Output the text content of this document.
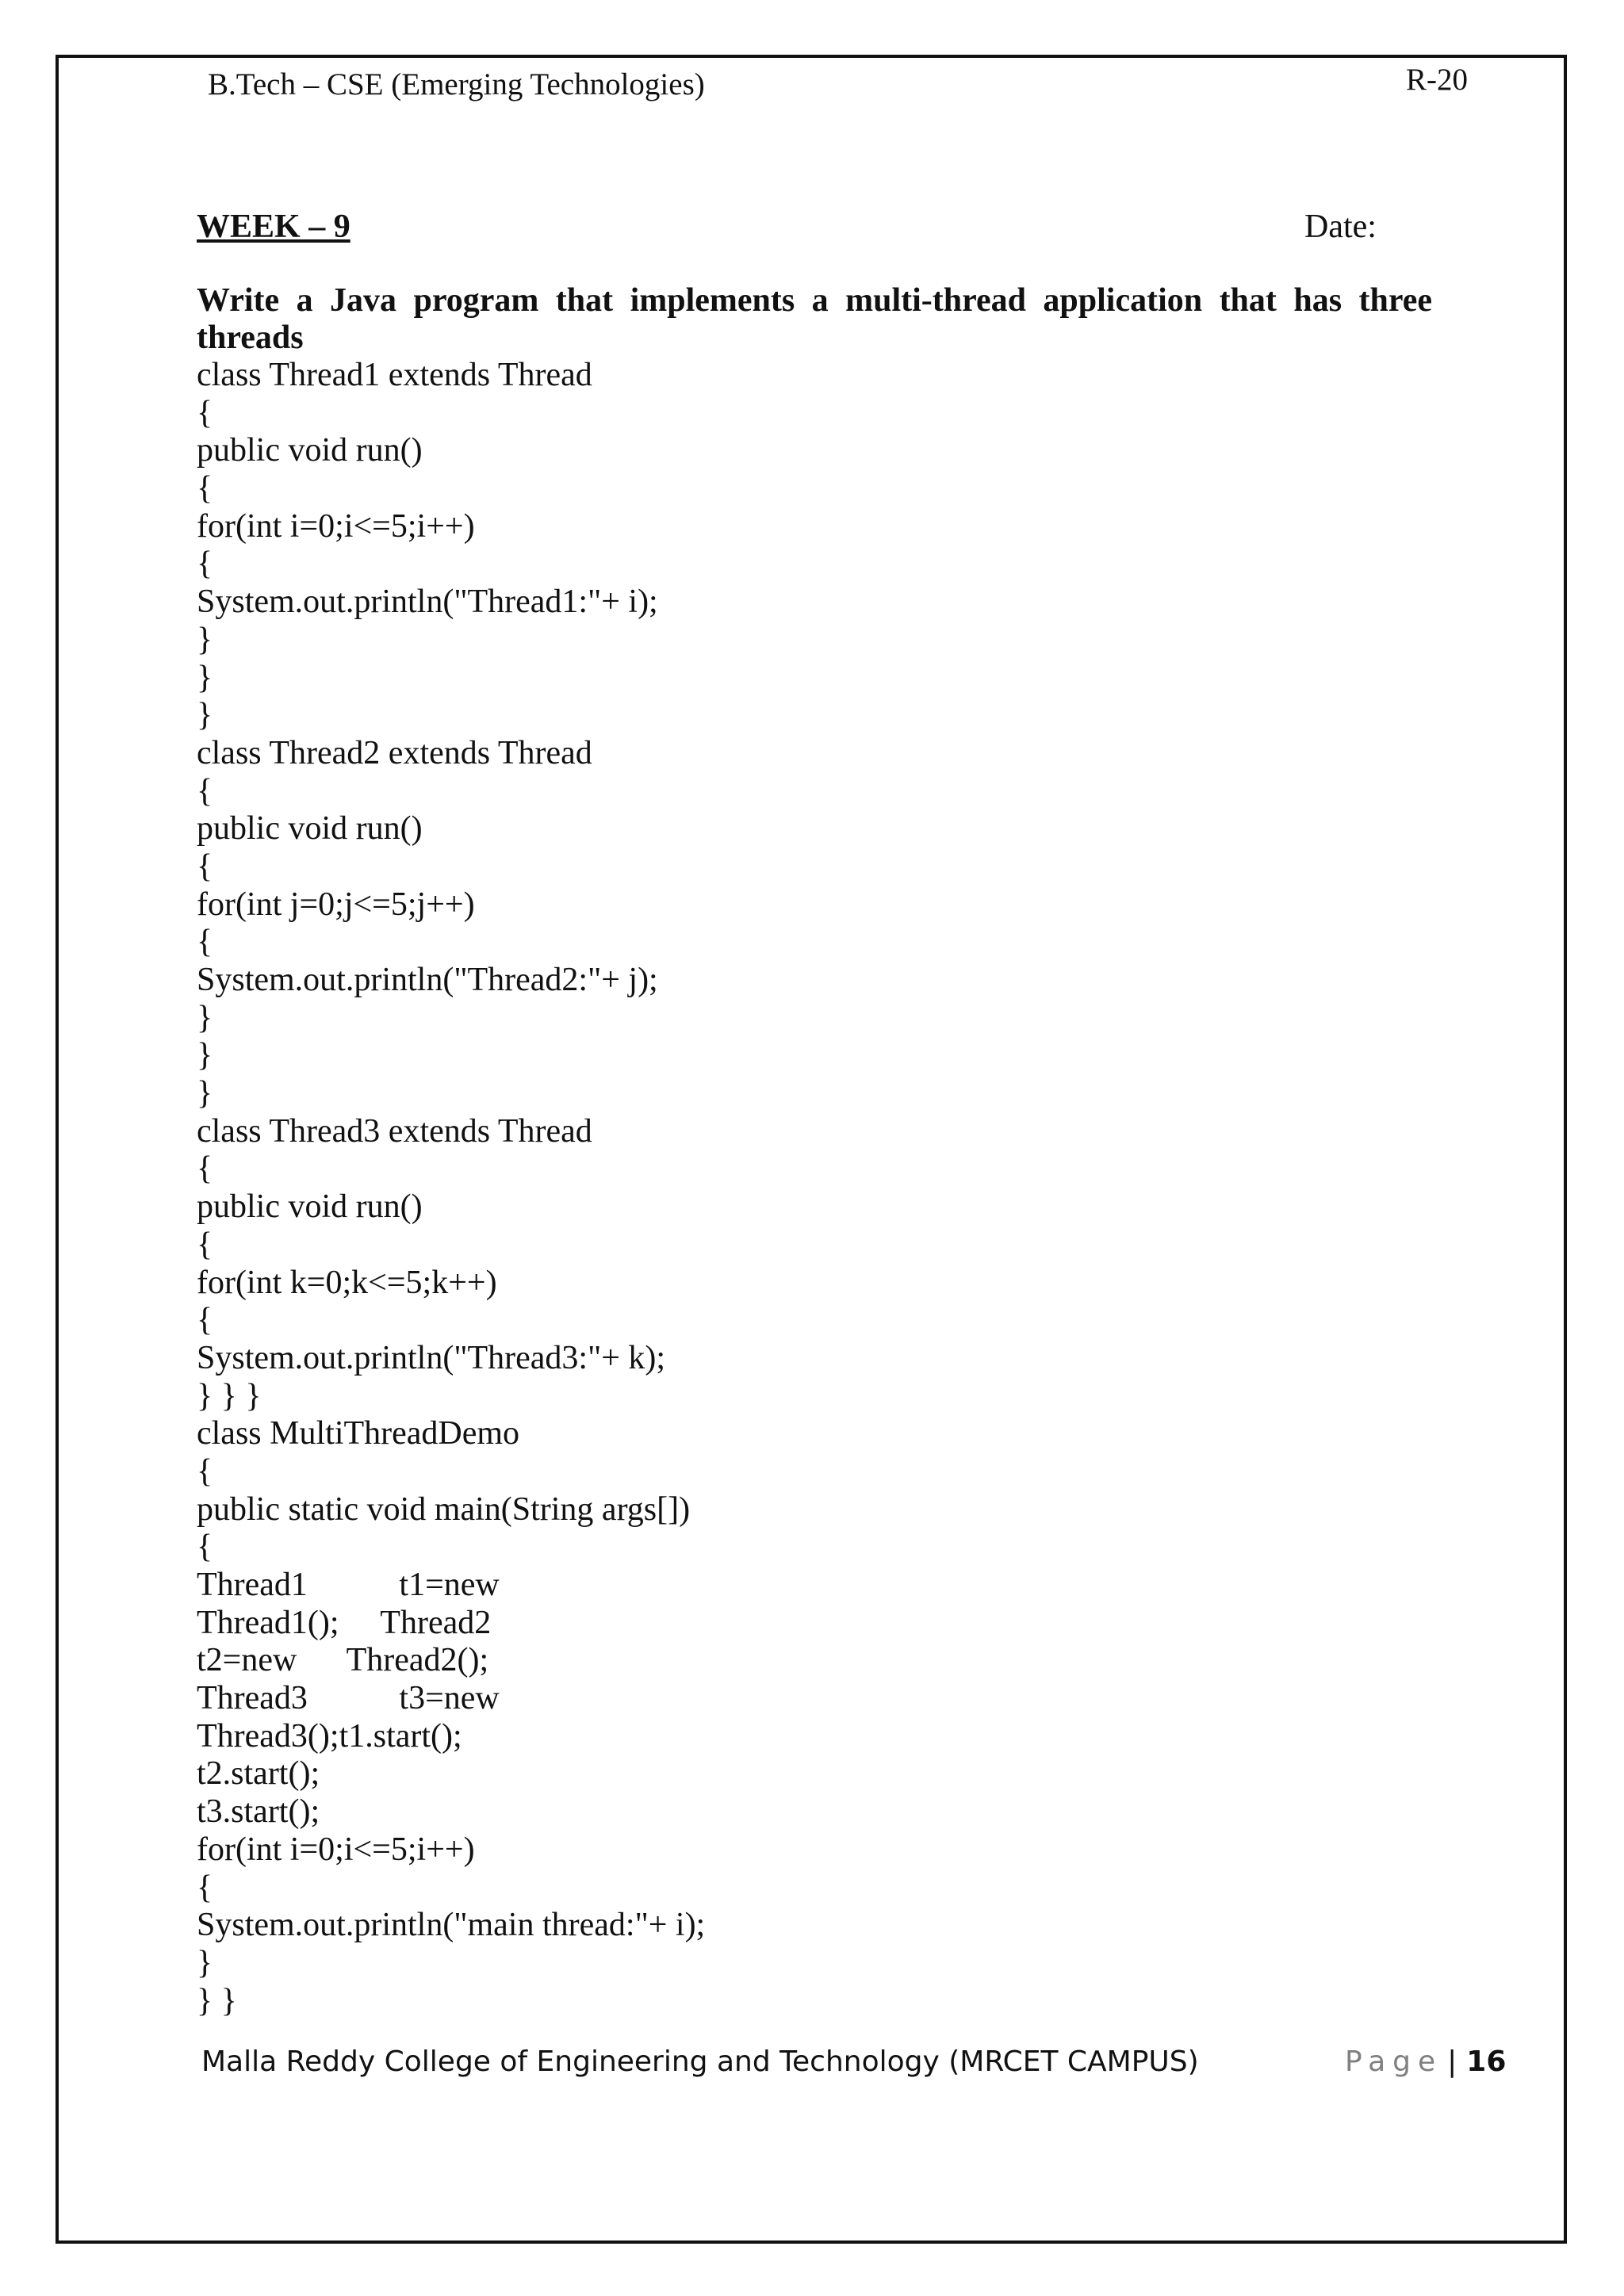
B.Tech – CSE (Emerging Technologies)	R-20
WEEK – 9	Date:
Write a Java program that implements a multi-thread application that has three threads
class Thread1 extends Thread
{
public void run()
{
for(int i=0;i<=5;i++)
{
System.out.println("Thread1:"+ i);
}
}
}
class Thread2 extends Thread
{
public void run()
{
for(int j=0;j<=5;j++)
{
System.out.println("Thread2:"+ j);
}
}
}
class Thread3 extends Thread
{
public void run()
{
for(int k=0;k<=5;k++)
{
System.out.println("Thread3:"+ k);
} } }
class MultiThreadDemo
{
public static void main(String args[])
{
Thread1           t1=new
Thread1();     Thread2
t2=new      Thread2();
Thread3           t3=new
Thread3();t1.start();
t2.start();
t3.start();
for(int i=0;i<=5;i++)
{
System.out.println("main thread:"+ i);
}
} }
Malla Reddy College of Engineering and Technology (MRCET CAMPUS)	Page | 16
